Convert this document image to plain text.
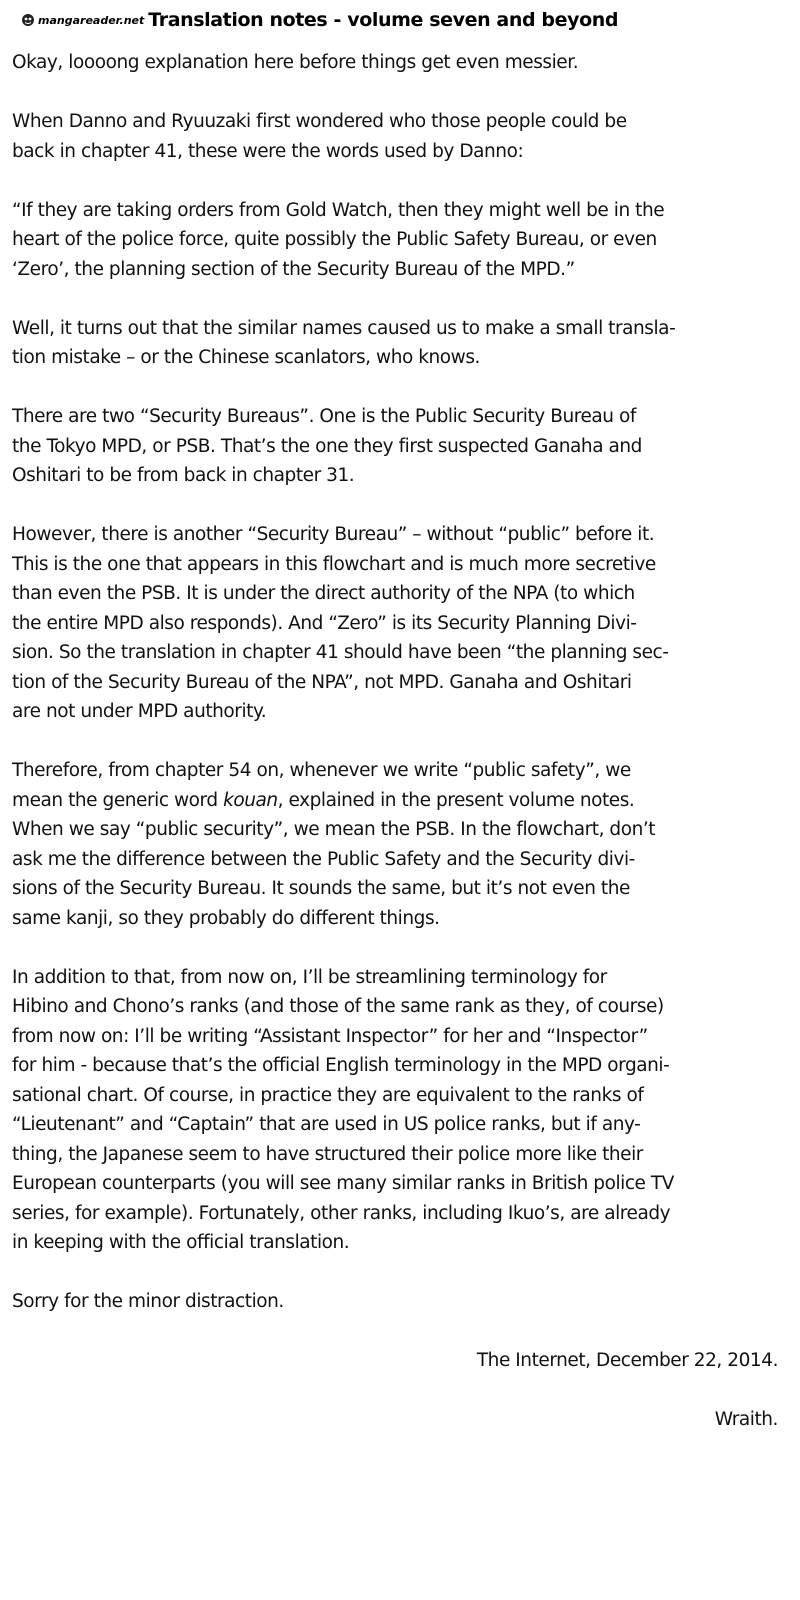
mangareader.net Translation notes - volume seven and beyond

Okay, loooong explanation here before things get even messier.

When Danno and Ryuuzaki first wondered who those people could be
back in chapter 41, these were the words used by Danno:

“If they are taking orders from Gold Watch, then they might well be in the
heart of the police force, quite possibly the Public Safety Bureau, or even
‘Zero’, the planning section of the Security Bureau of the MPD.”

Well, it turns out that the similar names caused us to make a small transla-
tion mistake – or the Chinese scanlators, who knows.

There are two “Security Bureaus”. One is the Public Security Bureau of
the Tokyo MPD, or PSB. That’s the one they first suspected Ganaha and
Oshitari to be from back in chapter 31.

However, there is another “Security Bureau” – without “public” before it.
This is the one that appears in this flowchart and is much more secretive
than even the PSB. It is under the direct authority of the NPA (to which
the entire MPD also responds). And “Zero” is its Security Planning Divi-
sion. So the translation in chapter 41 should have been “the planning sec-
tion of the Security Bureau of the NPA”, not MPD. Ganaha and Oshitari
are not under MPD authority.

Therefore, from chapter 54 on, whenever we write “public safety”, we
mean the generic word kouan, explained in the present volume notes.
When we say “public security”, we mean the PSB. In the flowchart, don’t
ask me the difference between the Public Safety and the Security divi-
sions of the Security Bureau. It sounds the same, but it’s not even the
same kanji, so they probably do different things.

In addition to that, from now on, I’ll be streamlining terminology for
Hibino and Chono’s ranks (and those of the same rank as they, of course)
from now on: I’ll be writing “Assistant Inspector” for her and “Inspector”
for him - because that’s the official English terminology in the MPD organi-
sational chart. Of course, in practice they are equivalent to the ranks of
“Lieutenant” and “Captain” that are used in US police ranks, but if any-
thing, the Japanese seem to have structured their police more like their
European counterparts (you will see many similar ranks in British police TV
series, for example). Fortunately, other ranks, including Ikuo’s, are already
in keeping with the official translation.

Sorry for the minor distraction.

The Internet, December 22, 2014.

Wraith.
